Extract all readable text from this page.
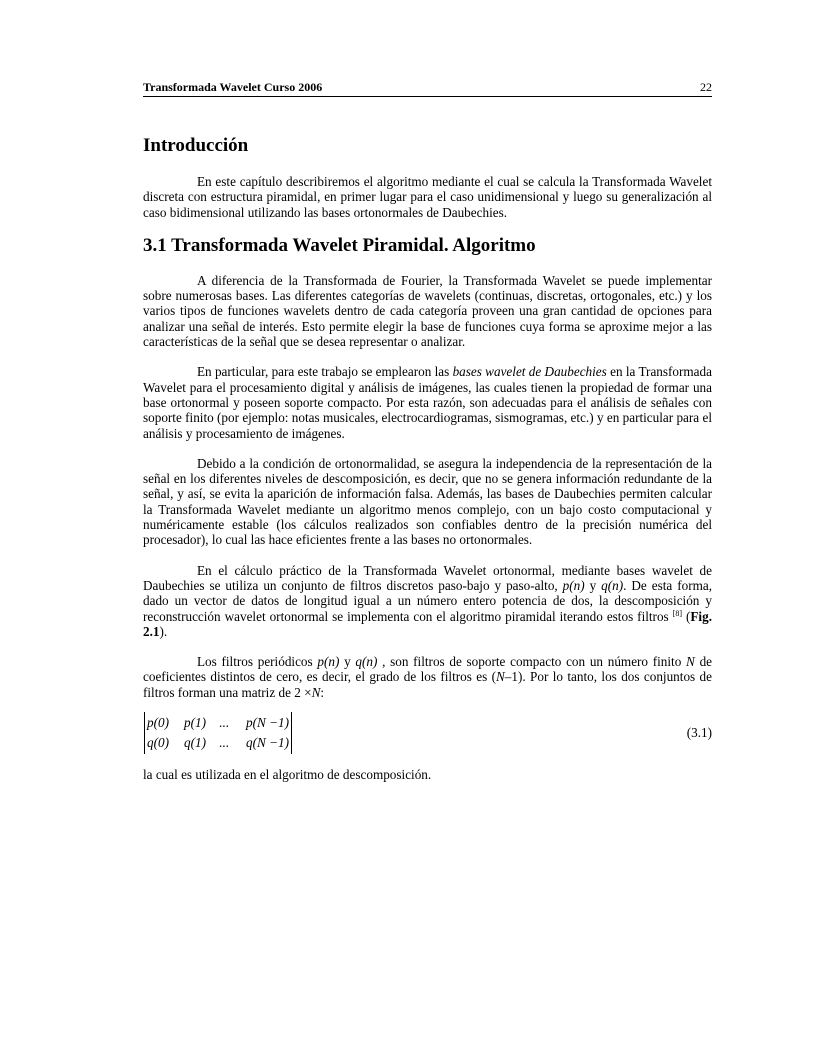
Transformada Wavelet Curso 2006	22
Introducción

En este capítulo describiremos el algoritmo mediante el cual se calcula la Transformada Wavelet discreta con estructura piramidal, en primer lugar para el caso unidimensional y luego su generalización al caso bidimensional utilizando las bases ortonormales de Daubechies.

3.1 Transformada Wavelet Piramidal. Algoritmo

A diferencia de la Transformada de Fourier, la Transformada Wavelet se puede implementar sobre numerosas bases. Las diferentes categorías de wavelets (continuas, discretas, ortogonales, etc.) y los varios tipos de funciones wavelets dentro de cada categoría proveen una gran cantidad de opciones para analizar una señal de interés. Esto permite elegir la base de funciones cuya forma se aproxime mejor a las características de la señal que se desea representar o analizar.

En particular, para este trabajo se emplearon las bases wavelet de Daubechies en la Transformada Wavelet para el procesamiento digital y análisis de imágenes, las cuales tienen la propiedad de formar una base ortonormal y poseen soporte compacto. Por esta razón, son adecuadas para el análisis de señales con soporte finito (por ejemplo: notas musicales, electrocardiogramas, sismogramas, etc.) y en particular para el análisis y procesamiento de imágenes.

Debido a la condición de ortonormalidad, se asegura la independencia de la representación de la señal en los diferentes niveles de descomposición, es decir, que no se genera información redundante de la señal, y así, se evita la aparición de información falsa. Además, las bases de Daubechies permiten calcular la Transformada Wavelet mediante un algoritmo menos complejo, con un bajo costo computacional y numéricamente estable (los cálculos realizados son confiables dentro de la precisión numérica del procesador), lo cual las hace eficientes frente a las bases no ortonormales.

En el cálculo práctico de la Transformada Wavelet ortonormal, mediante bases wavelet de Daubechies se utiliza un conjunto de filtros discretos paso-bajo y paso-alto, p(n) y q(n). De esta forma, dado un vector de datos de longitud igual a un número entero potencia de dos, la descomposición y reconstrucción wavelet ortonormal se implementa con el algoritmo piramidal iterando estos filtros [8] (Fig. 2.1).

Los filtros periódicos p(n) y q(n) , son filtros de soporte compacto con un número finito N de coeficientes distintos de cero, es decir, el grado de los filtros es (N–1). Por lo tanto, los dos conjuntos de filtros forman una matriz de 2 ×N:

p(0)	p(1) ...	p(N −1)
q(0)	q(1) ...	q(N −1)
(3.1)
la cual es utilizada en el algoritmo de descomposición.
